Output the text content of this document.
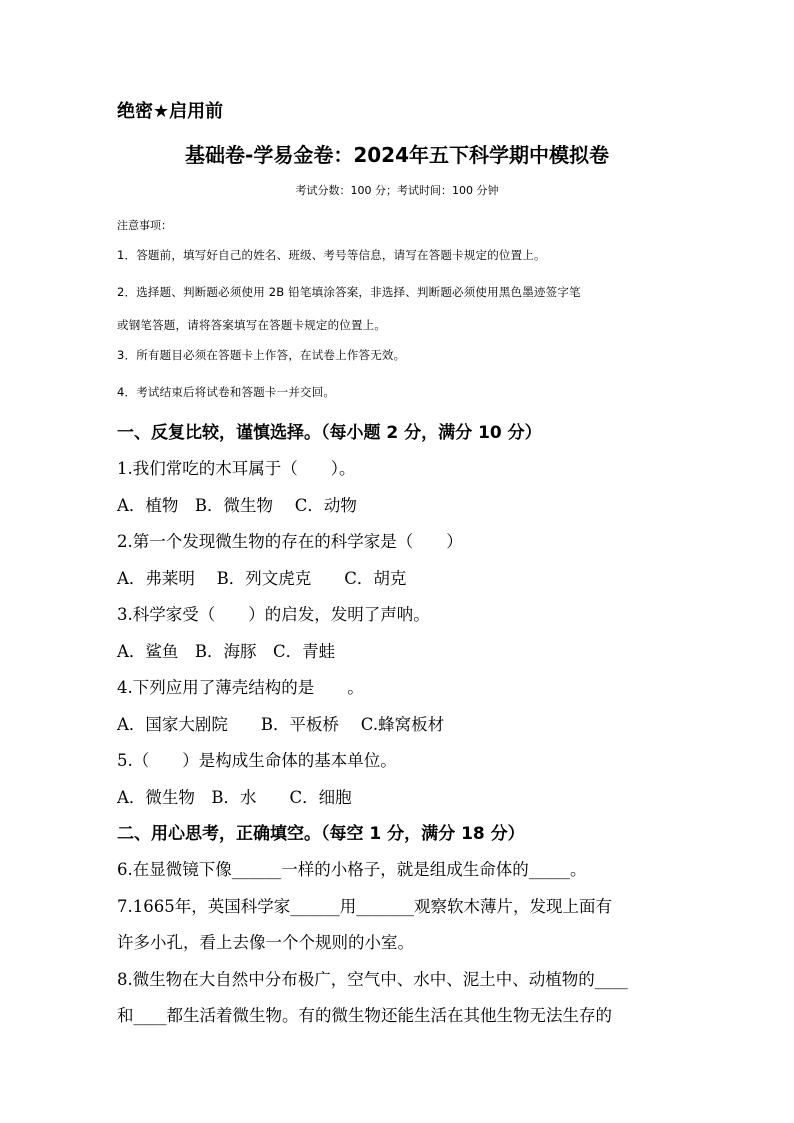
绝密★启用前
基础卷-学易金卷：2024年五下科学期中模拟卷
考试分数：100 分；考试时间：100 分钟
注意事项：
1．答题前，填写好自己的姓名、班级、考号等信息，请写在答题卡规定的位置上。
2．选择题、判断题必须使用 2B 铅笔填涂答案，非选择、判断题必须使用黑色墨迹签字笔
或钢笔答题，请将答案填写在答题卡规定的位置上。
3．所有题目必须在答题卡上作答，在试卷上作答无效。
4．考试结束后将试卷和答题卡一并交回。
一、反复比较，谨慎选择。（每小题 2 分，满分 10 分）
1.我们常吃的木耳属于（　　）。
A．植物　B．微生物　 C．动物
2.第一个发现微生物的存在的科学家是（　　）
A．弗莱明　 B．列文虎克　　C．胡克
3.科学家受（　　）的启发，发明了声呐。
A．鲨鱼　B．海豚　C．青蛙
4.下列应用了薄壳结构的是　　。
A．国家大剧院　　B．平板桥　 C.蜂窝板材
5.（　　）是构成生命体的基本单位。
A．微生物　B．水　　C．细胞
二、用心思考，正确填空。（每空 1 分，满分 18 分）
6.在显微镜下像______一样的小格子，就是组成生命体的_____。
7.1665年，英国科学家______用_______观察软木薄片，发现上面有
许多小孔，看上去像一个个规则的小室。
8.微生物在大自然中分布极广，空气中、水中、泥土中、动植物的____
和____都生活着微生物。有的微生物还能生活在其他生物无法生存的
